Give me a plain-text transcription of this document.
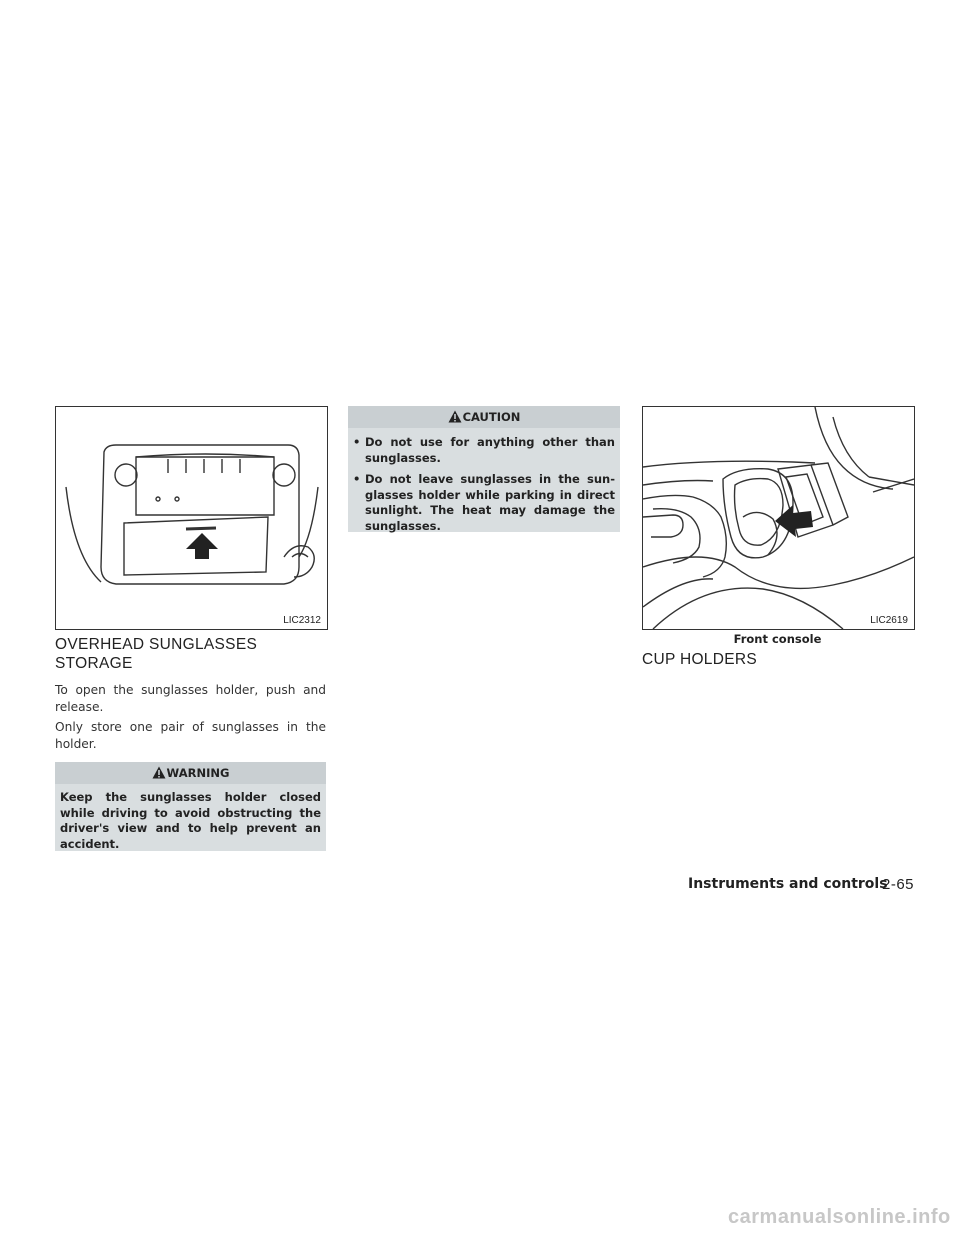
LIC2312
OVERHEAD SUNGLASSES
STORAGE
To open the sunglasses holder, push and release.
Only store one pair of sunglasses in the holder.
WARNING
Keep the sunglasses holder closed while driving to avoid obstructing the driver's view and to help prevent an accident.
CAUTION
• Do not use for anything other than sunglasses.
• Do not leave sunglasses in the sun-glasses holder while parking in direct sunlight. The heat may damage the sunglasses.
LIC2619
Front console
CUP HOLDERS
Instruments and controls
2-65
carmanualsonline.info
